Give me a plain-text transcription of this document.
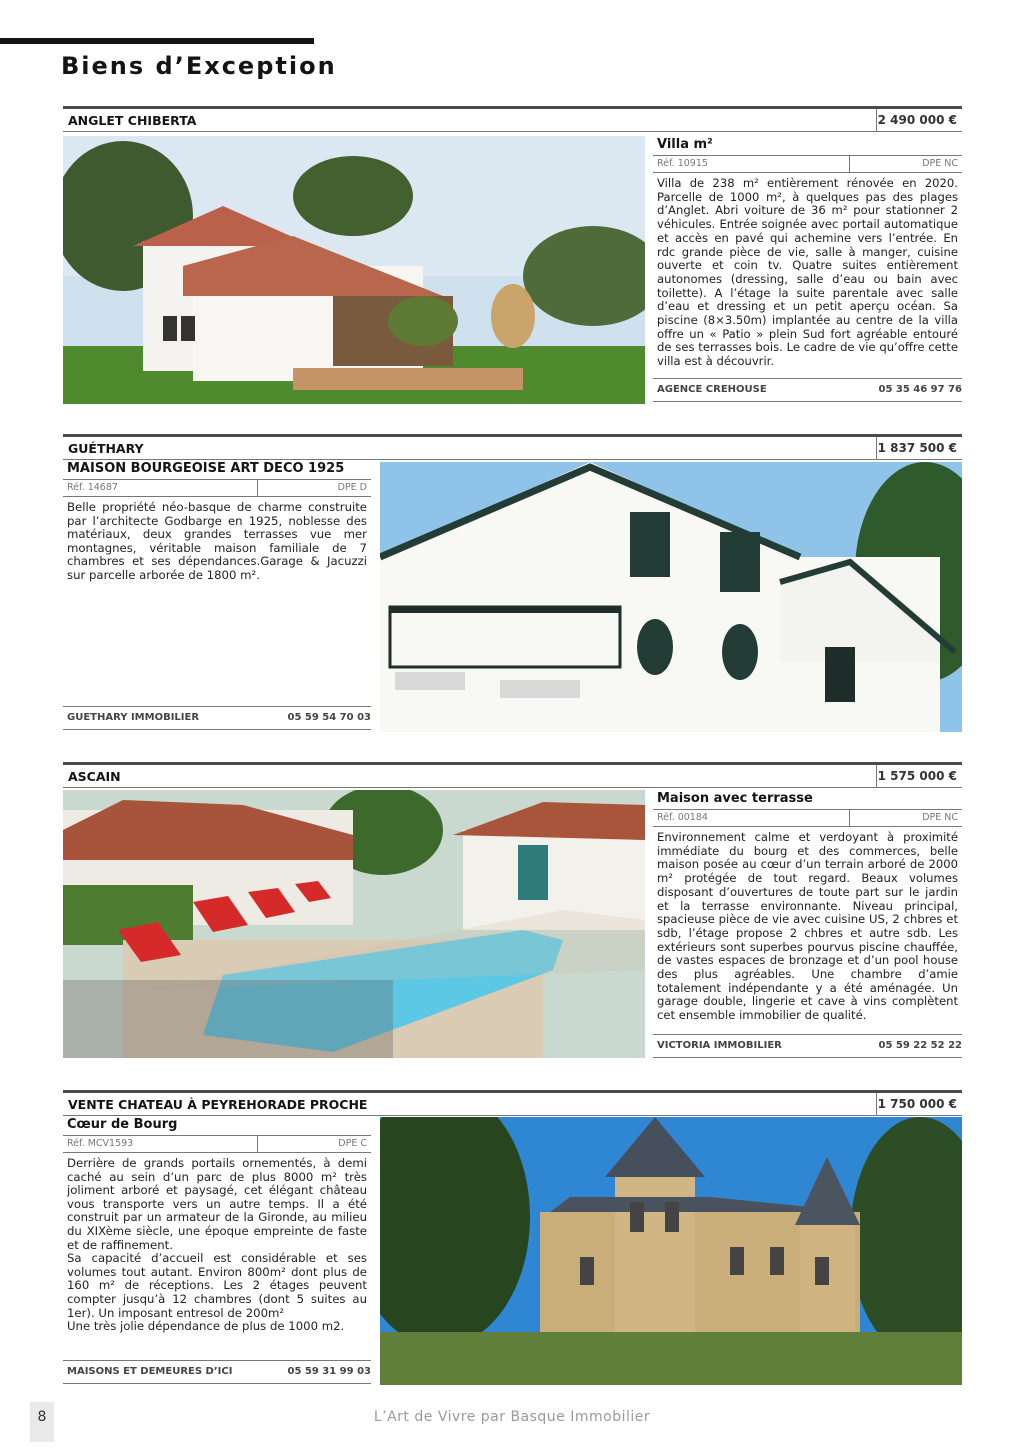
Biens d’Exception
ANGLET CHIBERTA	2 490 000 €
Villa m²
Réf. 10915	DPE NC
Villa de 238 m² entièrement rénovée en 2020. Parcelle de 1000 m², à quelques pas des plages d’Anglet. Abri voiture de 36 m² pour stationner 2 véhicules. Entrée soignée avec portail automatique et accès en pavé qui achemine vers l’entrée. En rdc grande pièce de vie, salle à manger, cuisine ouverte et coin tv. Quatre suites entièrement autonomes (dressing, salle d’eau ou bain avec toilette). A l’étage la suite parentale avec salle d’eau et dressing et un petit aperçu océan. Sa piscine (8×3.50m) implantée au centre de la villa offre un « Patio » plein Sud fort agréable entouré de ses terrasses bois. Le cadre de vie qu’offre cette villa est à découvrir.
AGENCE CREHOUSE	05 35 46 97 76
GUÉTHARY	1 837 500 €
MAISON BOURGEOISE ART DECO 1925
Réf. 14687	DPE D
Belle propriété néo-basque de charme construite par l’architecte Godbarge en 1925, noblesse des matériaux, deux grandes terrasses vue mer montagnes, véritable maison familiale de 7 chambres et ses dépendances.Garage & Jacuzzi sur parcelle arborée de 1800 m².
GUETHARY IMMOBILIER	05 59 54 70 03
ASCAIN	1 575 000 €
Maison avec terrasse
Réf. 00184	DPE NC
Environnement calme et verdoyant à proximité immédiate du bourg et des commerces, belle maison posée au cœur d’un terrain arboré de 2000 m² protégée de tout regard. Beaux volumes disposant d’ouvertures de toute part sur le jardin et la terrasse environnante. Niveau principal, spacieuse pièce de vie avec cuisine US, 2 chbres et sdb, l’étage propose 2 chbres et autre sdb. Les extérieurs sont superbes pourvus piscine chauffée, de vastes espaces de bronzage et d’un pool house des plus agréables. Une chambre d’amie totalement indépendante y a été aménagée. Un garage double, lingerie et cave à vins complètent cet ensemble immobilier de qualité.
VICTORIA IMMOBILIER	05 59 22 52 22
VENTE CHATEAU À PEYREHORADE PROCHE	1 750 000 €
Cœur de Bourg
Réf. MCV1593	DPE C
Derrière de grands portails ornementés, à demi caché au sein d’un parc de plus 8000 m² très joliment arboré et paysagé, cet élégant château vous transporte vers un autre temps. Il a été construit par un armateur de la Gironde, au milieu du XIXème siècle, une époque empreinte de faste et de raffinement.
Sa capacité d’accueil est considérable et ses volumes tout autant. Environ 800m² dont plus de 160 m² de réceptions. Les 2 étages peuvent compter jusqu’à 12 chambres (dont 5 suites au 1er). Un imposant entresol de 200m²
Une très jolie dépendance de plus de 1000 m2.
MAISONS ET DEMEURES D’ICI	05 59 31 99 03
8	L’Art de Vivre par Basque Immobilier
